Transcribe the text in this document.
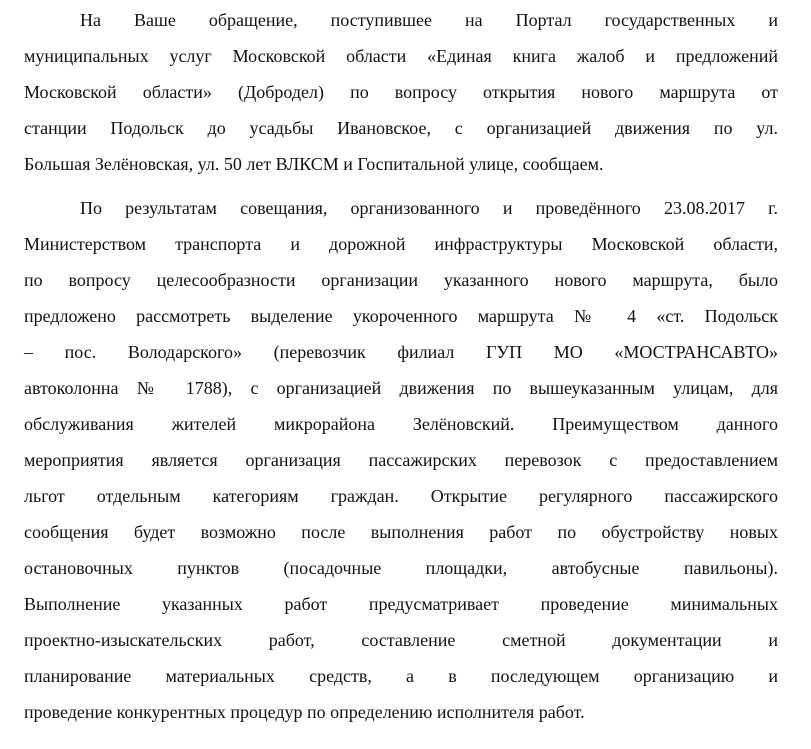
На Ваше обращение, поступившее на Портал государственных и
муниципальных услуг Московской области «Единая книга жалоб и предложений
Московской области» (Добродел) по вопросу открытия нового маршрута от
станции Подольск до усадьбы Ивановское, с организацией движения по ул.
Большая Зелёновская, ул. 50 лет ВЛКСМ и Госпитальной улице, сообщаем.
По результатам совещания, организованного и проведённого 23.08.2017 г.
Министерством транспорта и дорожной инфраструктуры Московской области,
по вопросу целесообразности организации указанного нового маршрута, было
предложено рассмотреть выделение укороченного маршрута № 4 «ст. Подольск
– пос. Володарского» (перевозчик филиал ГУП МО «МОСТРАНСАВТО»
автоколонна № 1788), с организацией движения по вышеуказанным улицам, для
обслуживания жителей микрорайона Зелёновский. Преимуществом данного
мероприятия является организация пассажирских перевозок с предоставлением
льгот отдельным категориям граждан. Открытие регулярного пассажирского
сообщения будет возможно после выполнения работ по обустройству новых
остановочных пунктов (посадочные площадки, автобусные павильоны).
Выполнение указанных работ предусматривает проведение минимальных
проектно-изыскательских работ, составление сметной документации и
планирование материальных средств, а в последующем организацию и
проведение конкурентных процедур по определению исполнителя работ.
